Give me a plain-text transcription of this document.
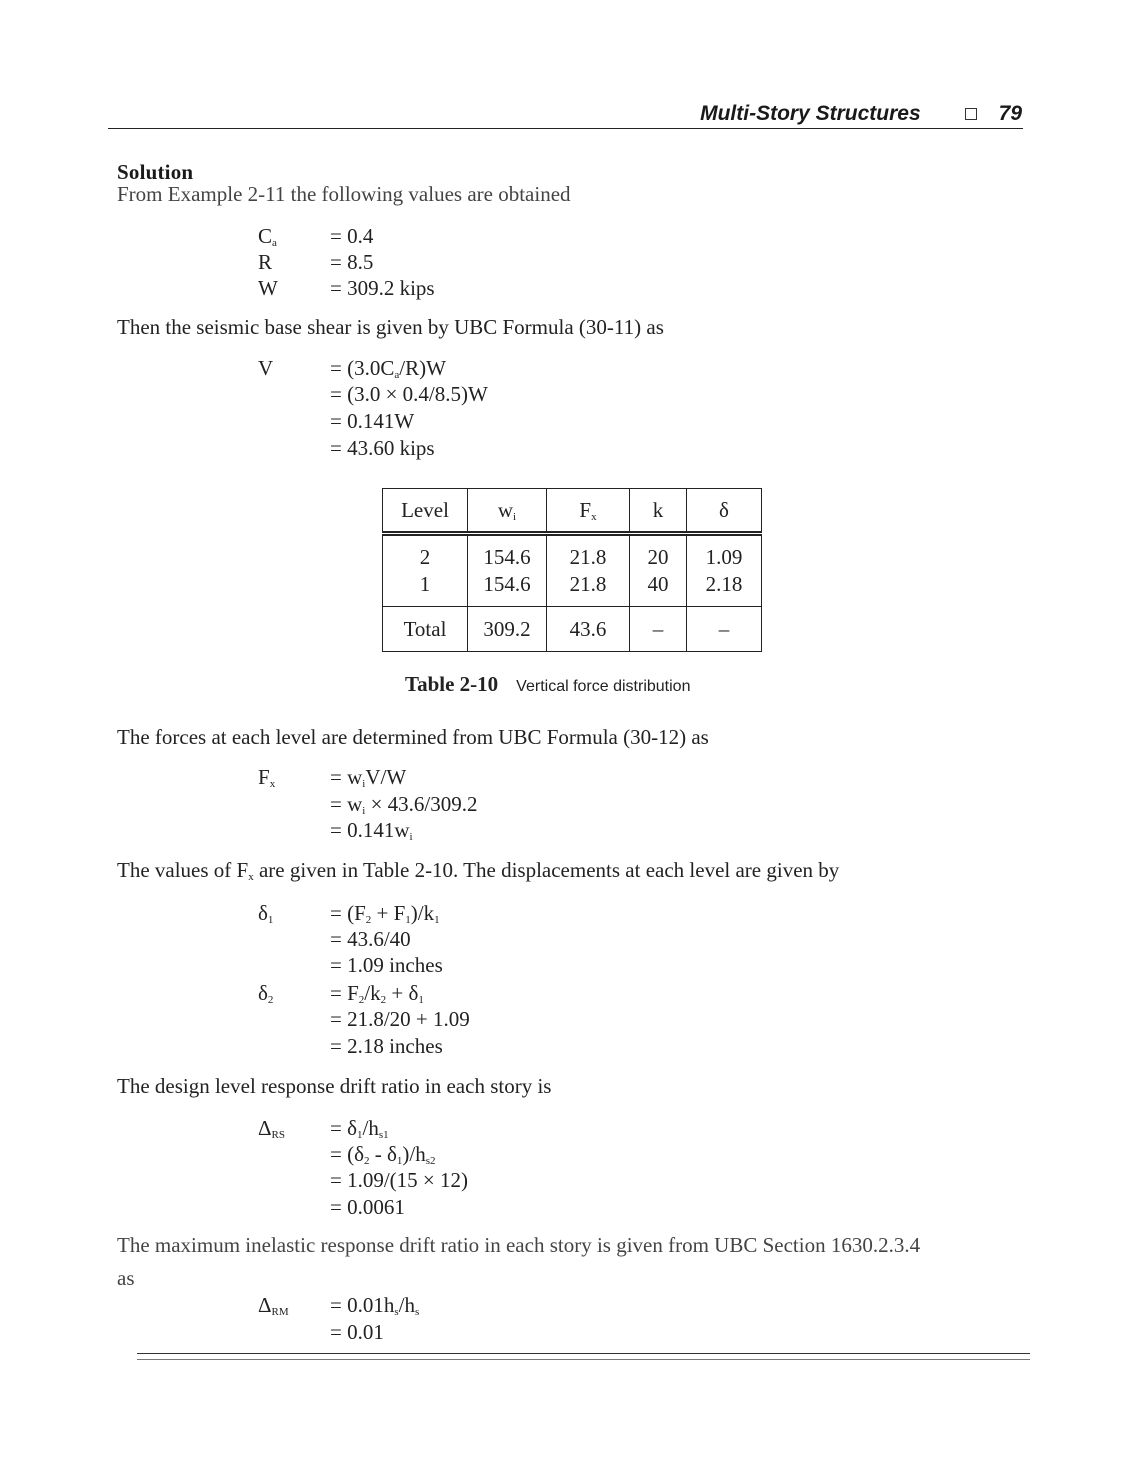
Multi-Story Structures	79
Solution
From Example 2-11 the following values are obtained
$C_a$	= 0.4
R	= 8.5
W = 309.2 kips
Then the seismic base shear is given by UBC Formula (30-11) as
V	= $(3.0C_a/R)W$
= (3.0 × 0.4/8.5)W
= 0.141W
= 43.60 kips
Level	$w_i$	$F_x$	k	δ
2	154.6	21.8	20	1.09
1	154.6	21.8	40	2.18
Total	309.2	43.6	–	–
Table 2-10 Vertical force distribution
The forces at each level are determined from UBC Formula (30-12) as
$F_x$	= $w_iV/W$
= $w_i \times 43.6/309.2$
= $0.141w_i$
The values of $F_x$ are given in Table 2-10. The displacements at each level are given by
$\delta_1$	= $(F_2 + F_1)/k_1$
= 43.6/40
= 1.09 inches
$\delta_2$	= $F_2/k_2 + \delta_1$
= 21.8/20 + 1.09
= 2.18 inches
The design level response drift ratio in each story is
$\Delta_{RS} = \delta_1/h_{s1}$
= $(\delta_2 - \delta_1)/h_{s2}$
= 1.09/(15 × 12)
= 0.0061
The maximum inelastic response drift ratio in each story is given from UBC Section 1630.2.3.4
as
$\Delta_{RM} = 0.01h_s/h_s$
= 0.01
